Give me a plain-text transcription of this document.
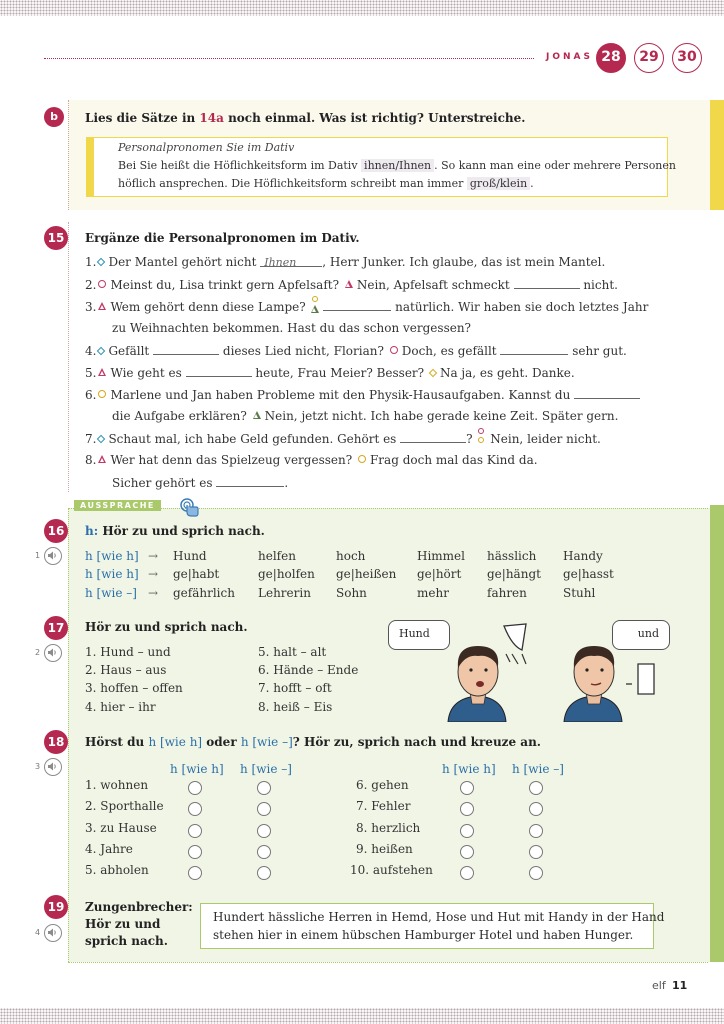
JONAS 28	29	30
b	Lies die Sätze in 14a noch einmal. Was ist richtig? Unterstreiche.
Personalpronomen Sie im Dativ
Bei Sie heißt die Höflichkeitsform im Dativ ihnen/Ihnen . So kann man eine oder mehrere Personen
höflich ansprechen. Die Höflichkeitsform schreibt man immer groß/klein .
15	Ergänze die Personalpronomen im Dativ.
1. Der Mantel gehört nicht Ihnen , Herr Junker. Ich glaube, das ist mein Mantel.
2. Meinst du, Lisa trinkt gern Apfelsaft? Nein, Apfelsaft schmeckt	nicht.
3. Wem gehört denn diese Lampe?	natürlich. Wir haben sie doch letztes Jahr
zu Weihnachten bekommen. Hast du das schon vergessen?
4. Gefällt	dieses Lied nicht, Florian? Doch, es gefällt	sehr gut.
5. Wie geht es	heute, Frau Meier? Besser? Na ja, es geht. Danke.
6. Marlene und Jan haben Probleme mit den Physik-Hausaufgaben. Kannst du
die Aufgabe erklären? Nein, jetzt nicht. Ich habe gerade keine Zeit. Später gern.
7. Schaut mal, ich habe Geld gefunden. Gehört es	? Nein, leider nicht.
8. Wer hat denn das Spielzeug vergessen? Frag doch mal das Kind da.
Sicher gehört es	.
AUSSPRACHE
16	h: Hör zu und sprich nach.
1	h [wie h] → Hund	helfen	hoch	Himmel hässlich Handy
h [wie h] → ge|habt	ge|holfen ge|heißen ge|hört ge|hängt ge|hasst
h [wie –] → gefährlich Lehrerin Sohn	mehr	fahren	Stuhl
17	Hör zu und sprich nach.
2	1. Hund – und
2. Haus – aus
3. hoffen – offen
4. hier – ihr
5. halt – alt
6. Hände – Ende
7. hofft – oft
8. heiß – Eis
Hund	und
18	Hörst du h [wie h] oder h [wie –]? Hör zu, sprich nach und kreuze an.
3	h [wie h] h [wie –]	h [wie h] h [wie –]
1. wohnen	6. gehen
2. Sporthalle	7. Fehler
3. zu Hause	8. herzlich
4. Jahre	9. heißen
5. abholen	10. aufstehen
19	Zungenbrecher:
Hör zu und
sprich nach.
4
Hundert hässliche Herren in Hemd, Hose und Hut mit Handy in der Hand
stehen hier in einem hübschen Hamburger Hotel und haben Hunger.
elf 11
